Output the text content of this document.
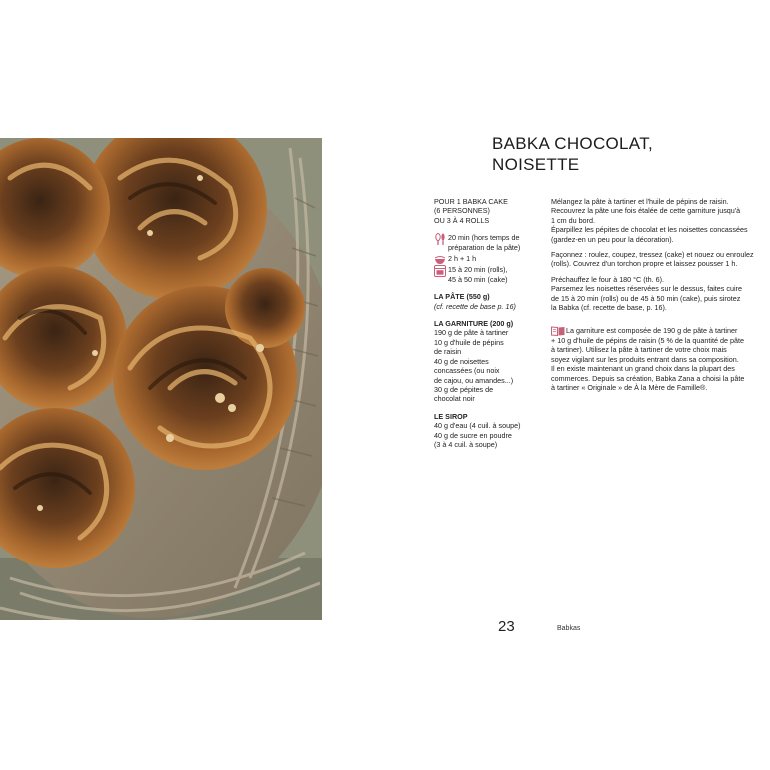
BABKA CHOCOLAT,
NOISETTE
POUR 1 BABKA CAKE
(6 PERSONNES)
OU 3 À 4 ROLLS
20 min (hors temps de
préparation de la pâte)
2 h + 1 h
15 à 20 min (rolls),
45 à 50 min (cake)
LA PÂTE (550 g)
(cf. recette de base p. 16)
LA GARNITURE (200 g)
190 g de pâte à tartiner
10 g d'huile de pépins
de raisin
40 g de noisettes
concassées (ou noix
de cajou, ou amandes...)
30 g de pépites de
chocolat noir
LE SIROP
40 g d'eau (4 cuil. à soupe)
40 g de sucre en poudre
(3 à 4 cuil. à soupe)

Mélangez la pâte à tartiner et l'huile de pépins de raisin.
Recouvrez la pâte une fois étalée de cette garniture jusqu'à
1 cm du bord.
Éparpillez les pépites de chocolat et les noisettes concassées
(gardez-en un peu pour la décoration).

Façonnez : roulez, coupez, tressez (cake) et nouez ou enroulez
(rolls). Couvrez d'un torchon propre et laissez pousser 1 h.

Préchauffez le four à 180 °C (th. 6).
Parsemez les noisettes réservées sur le dessus, faites cuire
de 15 à 20 min (rolls) ou de 45 à 50 min (cake), puis sirotez
la Babka (cf. recette de base, p. 16).

La garniture est composée de 190 g de pâte à tartiner
+ 10 g d'huile de pépins de raisin (5 % de la quantité de pâte
à tartiner). Utilisez la pâte à tartiner de votre choix mais
soyez vigilant sur les produits entrant dans sa composition.
Il en existe maintenant un grand choix dans la plupart des
commerces. Depuis sa création, Babka Zana a choisi la pâte
à tartiner « Originale » de À la Mère de Famille®.
23	Babkas
